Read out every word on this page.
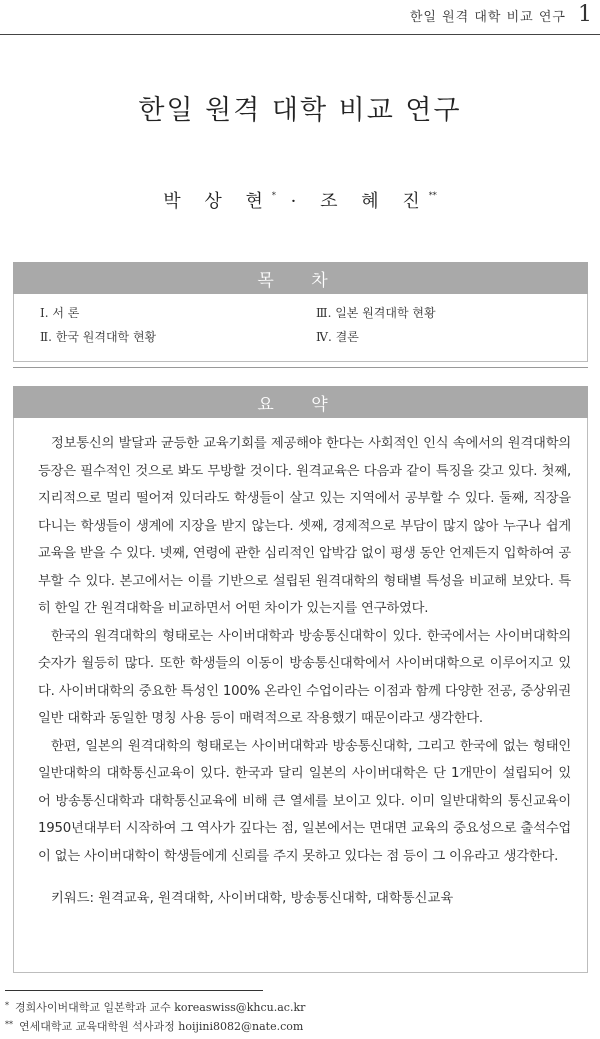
한일 원격 대학 비교 연구 1
한일 원격 대학 비교 연구
박 상 현* · 조 혜 진**
목 차
Ⅰ. 서 론
Ⅱ. 한국 원격대학 현황
Ⅲ. 일본 원격대학 현황
Ⅳ. 결론
요 약

정보통신의 발달과 균등한 교육기회를 제공해야 한다는 사회적인 인식 속에서의 원격대학의 등장은 필수적인 것으로 봐도 무방할 것이다. 원격교육은 다음과 같이 특징을 갖고 있다. 첫째, 지리적으로 멀리 떨어져 있더라도 학생들이 살고 있는 지역에서 공부할 수 있다. 둘째, 직장을 다니는 학생들이 생계에 지장을 받지 않는다. 셋째, 경제적으로 부담이 많지 않아 누구나 쉽게 교육을 받을 수 있다. 넷째, 연령에 관한 심리적인 압박감 없이 평생 동안 언제든지 입학하여 공부할 수 있다. 본고에서는 이를 기반으로 설립된 원격대학의 형태별 특성을 비교해 보았다. 특히 한일 간 원격대학을 비교하면서 어떤 차이가 있는지를 연구하였다.

한국의 원격대학의 형태로는 사이버대학과 방송통신대학이 있다. 한국에서는 사이버대학의 숫자가 월등히 많다. 또한 학생들의 이동이 방송통신대학에서 사이버대학으로 이루어지고 있다. 사이버대학의 중요한 특성인 100% 온라인 수업이라는 이점과 함께 다양한 전공, 중상위권 일반 대학과 동일한 명칭 사용 등이 매력적으로 작용했기 때문이라고 생각한다.

한편, 일본의 원격대학의 형태로는 사이버대학과 방송통신대학, 그리고 한국에 없는 형태인 일반대학의 대학통신교육이 있다. 한국과 달리 일본의 사이버대학은 단 1개만이 설립되어 있어 방송통신대학과 대학통신교육에 비해 큰 열세를 보이고 있다. 이미 일반대학의 통신교육이 1950년대부터 시작하여 그 역사가 깊다는 점, 일본에서는 면대면 교육의 중요성으로 출석수업이 없는 사이버대학이 학생들에게 신뢰를 주지 못하고 있다는 점 등이 그 이유라고 생각한다.

키워드: 원격교육, 원격대학, 사이버대학, 방송통신대학, 대학통신교육

* 경희사이버대학교 일본학과 교수 koreaswiss@khcu.ac.kr
** 연세대학교 교육대학원 석사과정 hoijini8082@nate.com
